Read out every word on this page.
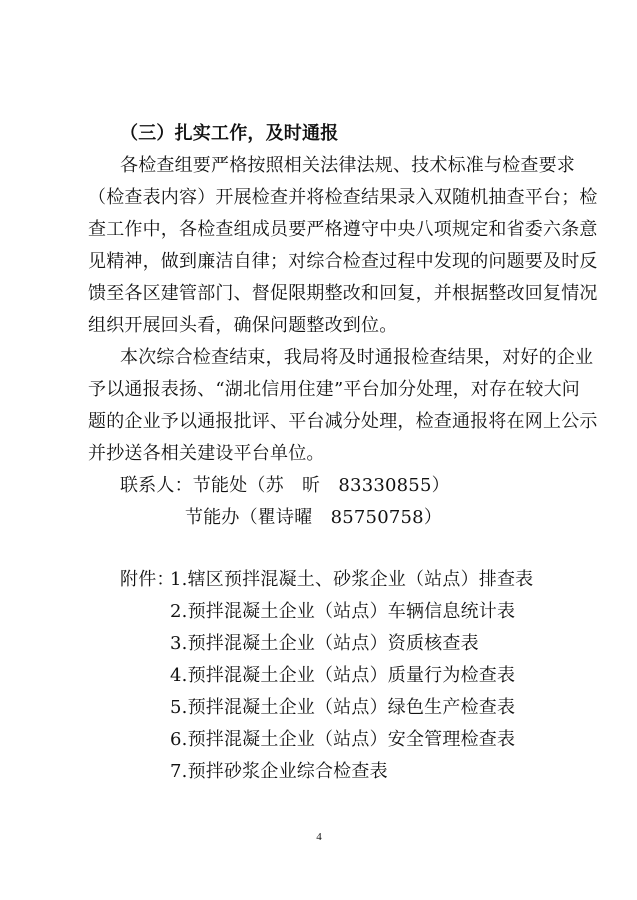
（三）扎实工作，及时通报
各检查组要严格按照相关法律法规、技术标准与检查要求
（检查表内容）开展检查并将检查结果录入双随机抽查平台；检
查工作中，各检查组成员要严格遵守中央八项规定和省委六条意
见精神，做到廉洁自律；对综合检查过程中发现的问题要及时反
馈至各区建管部门、督促限期整改和回复，并根据整改回复情况
组织开展回头看，确保问题整改到位。
本次综合检查结束，我局将及时通报检查结果，对好的企业
予以通报表扬、“湖北信用住建”平台加分处理，对存在较大问
题的企业予以通报批评、平台减分处理，检查通报将在网上公示
并抄送各相关建设平台单位。
联系人：节能处（苏　昕　83330855）
节能办（瞿诗曜　85750758）
附件：
1.辖区预拌混凝土、砂浆企业（站点）排查表
2.预拌混凝土企业（站点）车辆信息统计表
3.预拌混凝土企业（站点）资质核查表
4.预拌混凝土企业（站点）质量行为检查表
5.预拌混凝土企业（站点）绿色生产检查表
6.预拌混凝土企业（站点）安全管理检查表
7.预拌砂浆企业综合检查表
4
